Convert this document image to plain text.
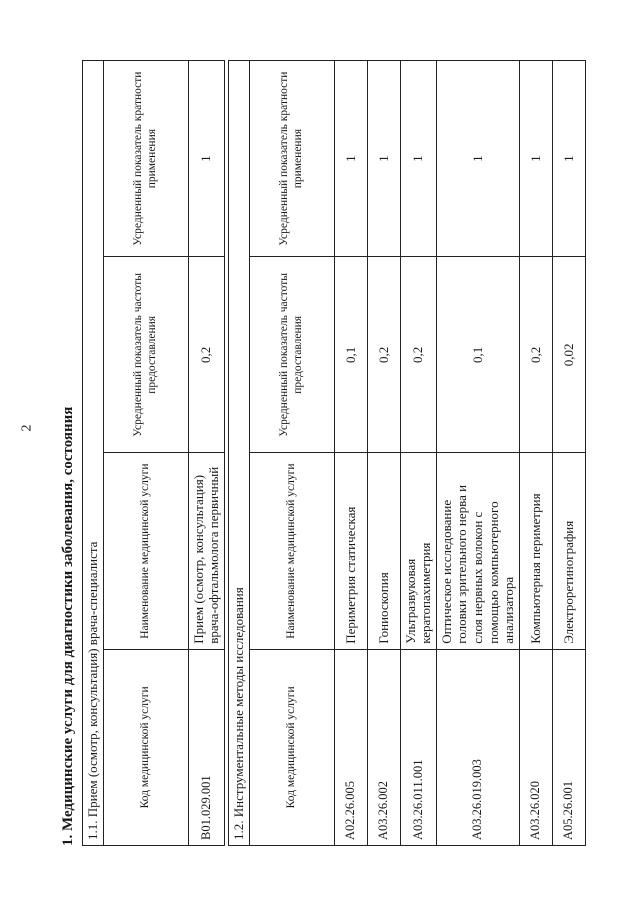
2 1. Медицинские услуги для диагностики заболевания, состояния 1.1. Прием (осмотр, консультация) врача-специалиста			
Код медицинской услуги	Наименование медицинской услуги	Усредненный показатель частоты предоставления	Усредненный показатель кратности применения
B01.029.001	Прием (осмотр, консультация) врача-офтальмолога первичный	0,2	1
1.2. Инструментальные методы исследования			
Код медицинской услуги	Наименование медицинской услуги	Усредненный показатель частоты предоставления	Усредненный показатель кратности применения
A02.26.005	Периметрия статическая	0,1	1
A03.26.002	Гониоскопия	0,2	1
A03.26.011.001	Ультразвуковая кератопахиметрия	0,2	1
A03.26.019.003	Оптическое исследование головки зрительного нерва и слоя нервных волокон с помощью компьютерного анализатора	0,1	1
A03.26.020	Компьютерная периметрия	0,2	1
A05.26.001	Электроретинография	0,02	1
